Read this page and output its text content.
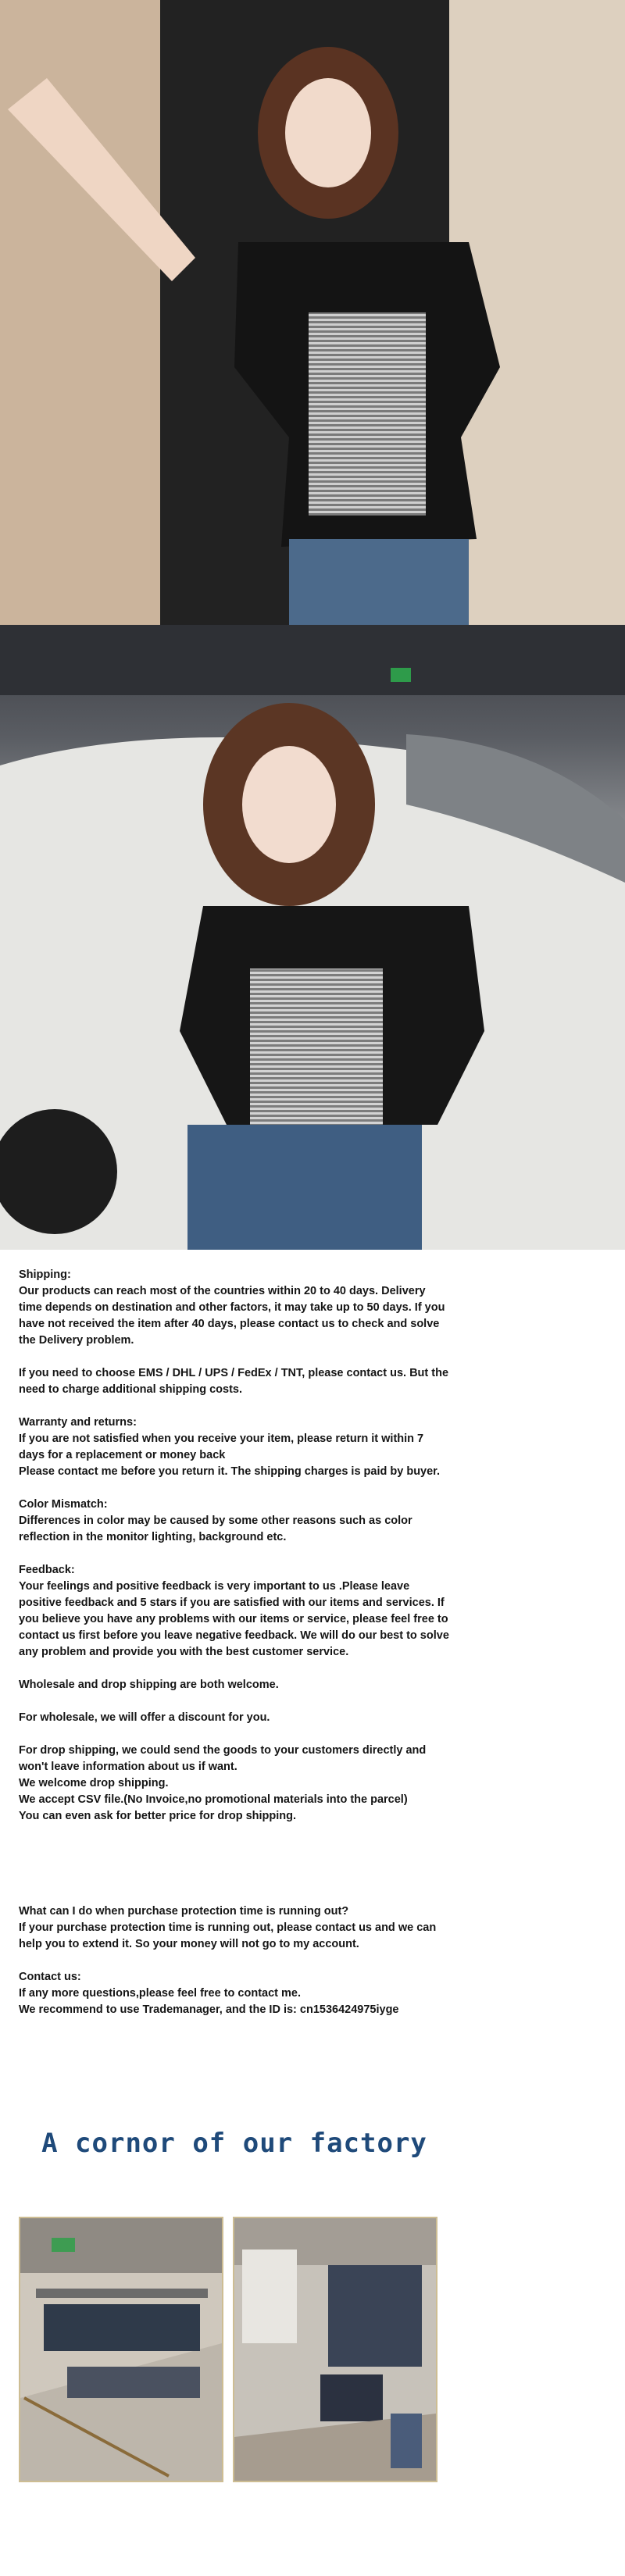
Shipping:

Our products can reach most of the countries within 20 to 40 days. Delivery time depends on destination and other factors, it may take up to 50 days. If you have not received the item after 40 days, please contact us to check and solve the Delivery problem.

If you need to choose EMS / DHL / UPS / FedEx / TNT, please contact us. But the need to charge additional shipping costs.

Warranty and returns:

If you are not satisfied when you receive your item, please return it within 7 days for a replacement or money back

Please contact me before you return it. The shipping charges is paid by buyer.

Color Mismatch:

Differences in color may be caused by some other reasons such as color reflection in the monitor lighting, background etc.

Feedback:

Your feelings and positive feedback is very important to us .Please leave positive feedback and 5 stars if you are satisfied with our items and services. If you believe you have any problems with our items or service, please feel free to contact us first before you leave negative feedback. We will do our best to solve any problem and provide you with the best customer service.

Wholesale and drop shipping are both welcome.

For wholesale, we will offer a discount for you.

For drop shipping, we could send the goods to your customers directly and won't leave information about us if want.

We welcome drop shipping.

We accept CSV file.(No Invoice,no promotional materials into the parcel)

You can even ask for better price for drop shipping.

What can I do when purchase protection time is running out?

If your purchase protection time is running out, please contact us and we can help you to extend it. So your money will not go to my account.

Contact us:

If any more questions,please feel free to contact me.

We recommend to use Trademanager, and the ID is: cn1536424975iyge

A cornor of our factory
